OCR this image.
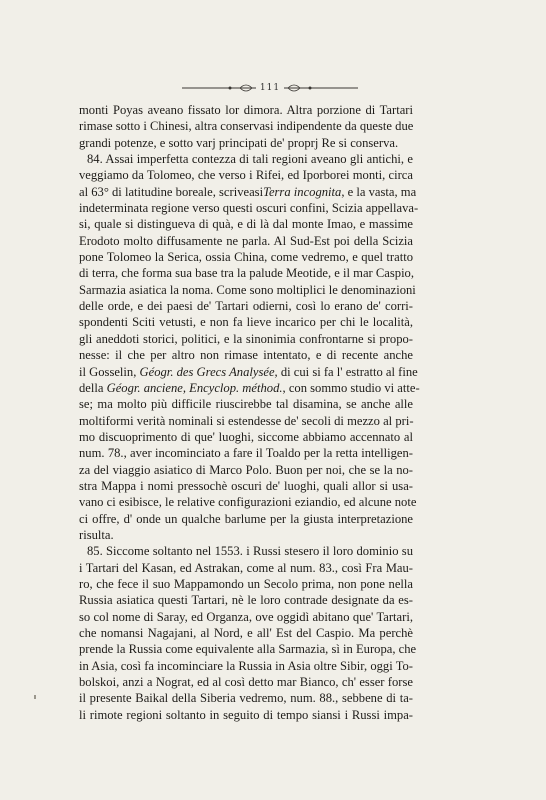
111
monti Poyas aveano fissato lor dimora. Altra porzione di Tartari
rimase sotto i Chinesi, altra conservasi indipendente da queste due
grandi potenze, e sotto varj principati de' proprj Re si conserva.
84. Assai imperfetta contezza di tali regioni aveano gli antichi, e
veggiamo da Tolomeo, che verso i Rifei, ed Iporborei monti, circa
al 63° di latitudine boreale, scriveasiTerra incognita, e la vasta, ma
indeterminata regione verso questi oscuri confini, Scizia appellava-
si, quale si distingueva di quà, e di là dal monte Imao, e massime
Erodoto molto diffusamente ne parla. Al Sud-Est poi della Scizia
pone Tolomeo la Serica, ossia China, come vedremo, e quel tratto
di terra, che forma sua base tra la palude Meotide, e il mar Caspio,
Sarmazia asiatica la noma. Come sono moltiplici le denominazioni
delle orde, e dei paesi de' Tartari odierni, così lo erano de' corri-
spondenti Sciti vetusti, e non fa lieve incarico per chi le località,
gli aneddoti storici, politici, e la sinonimia confrontarne si propo-
nesse: il che per altro non rimase intentato, e di recente anche
il Gosselin, Géogr. des Grecs Analysée, di cui si fa l' estratto al fine
della Géogr. anciene, Encyclop. méthod., con sommo studio vi atte-
se; ma molto più difficile riuscirebbe tal disamina, se anche alle
moltiformi verità nominali si estendesse de' secoli di mezzo al pri-
mo discuoprimento di que' luoghi, siccome abbiamo accennato al
num. 78., aver incominciato a fare il Toaldo per la retta intelligen-
za del viaggio asiatico di Marco Polo. Buon per noi, che se la no-
stra Mappa i nomi pressochè oscuri de' luoghi, quali allor si usa-
vano ci esibisce, le relative configurazioni eziandio, ed alcune note
ci offre, d' onde un qualche barlume per la giusta interpretazione
risulta.
85. Siccome soltanto nel 1553. i Russi stesero il loro dominio su
i Tartari del Kasan, ed Astrakan, come al num. 83., così Fra Mau-
ro, che fece il suo Mappamondo un Secolo prima, non pone nella
Russia asiatica questi Tartari, nè le loro contrade designate da es-
so col nome di Saray, ed Organza, ove oggidì abitano que' Tartari,
che nomansi Nagajani, al Nord, e all' Est del Caspio. Ma perchè
prende la Russia come equivalente alla Sarmazia, sì in Europa, che
in Asia, così fa incominciare la Russia in Asia oltre Sibir, oggi To-
bolskoi, anzi a Nograt, ed al così detto mar Bianco, ch' esser forse
il presente Baikal della Siberia vedremo, num. 88., sebbene di ta-
li rimote regioni soltanto in seguito di tempo siansi i Russi impa-
